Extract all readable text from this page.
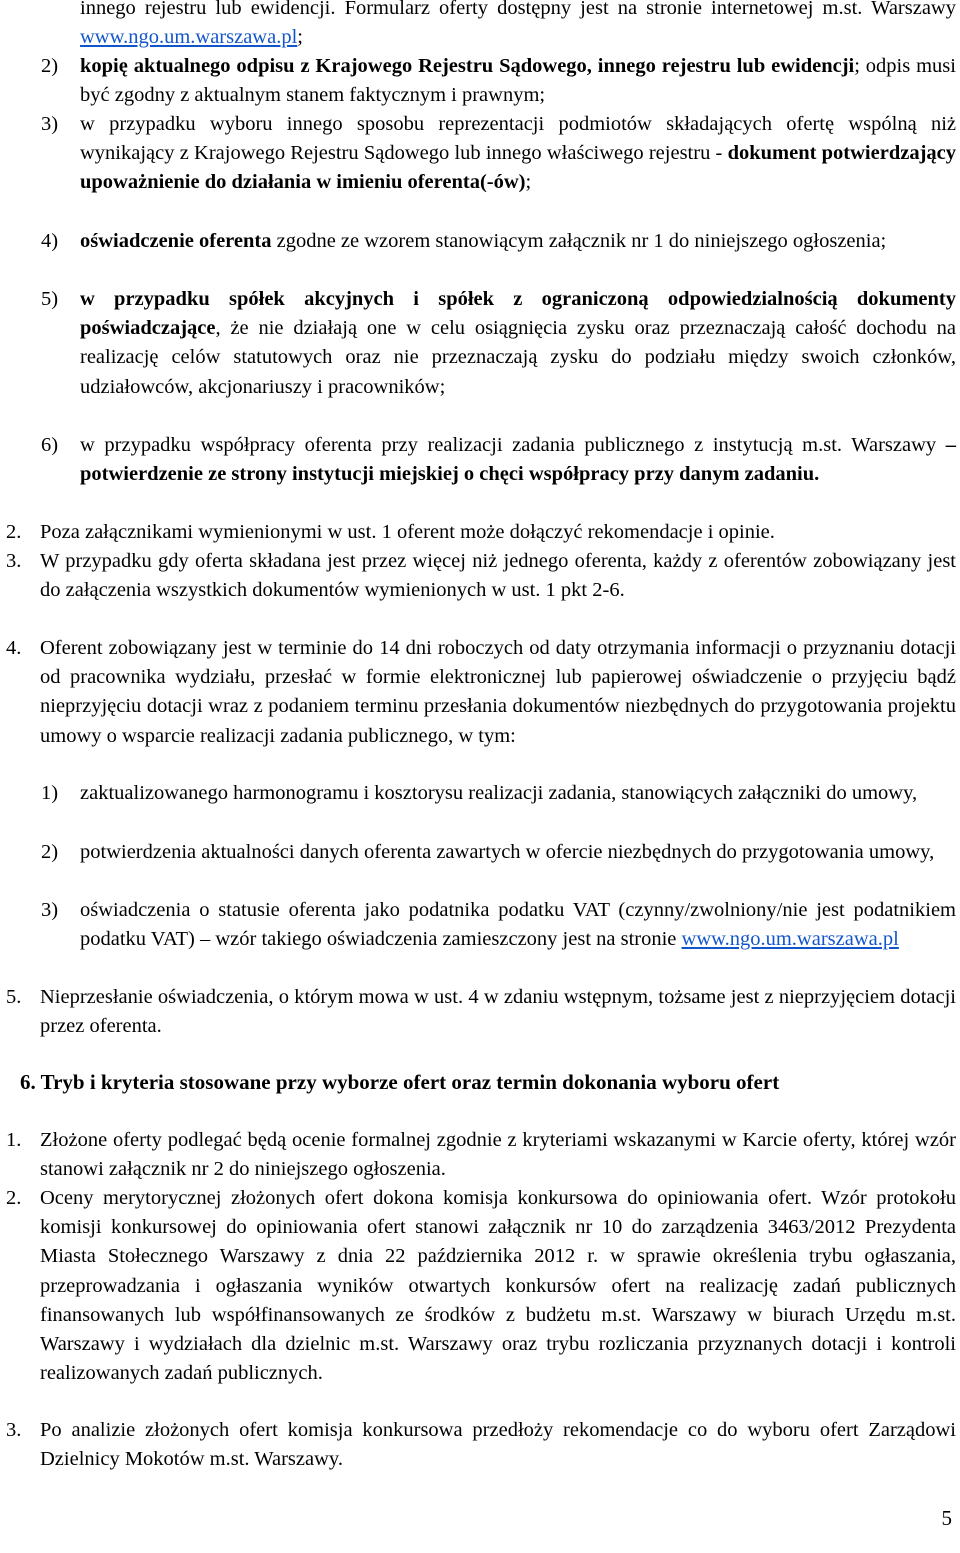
innego rejestru lub ewidencji. Formularz oferty dostępny jest na stronie internetowej m.st. Warszawy www.ngo.um.warszawa.pl;
2)	kopię aktualnego odpisu z Krajowego Rejestru Sądowego, innego rejestru lub ewidencji; odpis musi być zgodny z aktualnym stanem faktycznym i prawnym;
3)	w przypadku wyboru innego sposobu reprezentacji podmiotów składających ofertę wspólną niż wynikający z Krajowego Rejestru Sądowego lub innego właściwego rejestru - dokument potwierdzający upoważnienie do działania w imieniu oferenta(-ów);
4)	oświadczenie oferenta zgodne ze wzorem stanowiącym załącznik nr 1 do niniejszego ogłoszenia;
5)	w przypadku spółek akcyjnych i spółek z ograniczoną odpowiedzialnością dokumenty poświadczające, że nie działają one w celu osiągnięcia zysku oraz przeznaczają całość dochodu na realizację celów statutowych oraz nie przeznaczają zysku do podziału między swoich członków, udziałowców, akcjonariuszy i pracowników;
6)	w przypadku współpracy oferenta przy realizacji zadania publicznego z instytucją m.st. Warszawy – potwierdzenie ze strony instytucji miejskiej o chęci współpracy przy danym zadaniu.
2. Poza załącznikami wymienionymi w ust. 1 oferent może dołączyć rekomendacje i opinie.
3. W przypadku gdy oferta składana jest przez więcej niż jednego oferenta, każdy z oferentów zobowiązany jest do załączenia wszystkich dokumentów wymienionych w ust. 1 pkt 2-6.
4. Oferent zobowiązany jest w terminie do 14 dni roboczych od daty otrzymania informacji o przyznaniu dotacji od pracownika wydziału, przesłać w formie elektronicznej lub papierowej oświadczenie o przyjęciu bądź nieprzyjęciu dotacji wraz z podaniem terminu przesłania dokumentów niezbędnych do przygotowania projektu umowy o wsparcie realizacji zadania publicznego, w tym:
1)	zaktualizowanego harmonogramu i kosztorysu realizacji zadania, stanowiących załączniki do umowy,
2)	potwierdzenia aktualności danych oferenta zawartych w ofercie niezbędnych do przygotowania umowy,
3)	oświadczenia o statusie oferenta jako podatnika podatku VAT (czynny/zwolniony/nie jest podatnikiem podatku VAT) – wzór takiego oświadczenia zamieszczony jest na stronie www.ngo.um.warszawa.pl
5. Nieprzesłanie oświadczenia, o którym mowa w ust. 4 w zdaniu wstępnym, tożsame jest z nieprzyjęciem dotacji przez oferenta.
6. Tryb i kryteria stosowane przy wyborze ofert oraz termin dokonania wyboru ofert
1. Złożone oferty podlegać będą ocenie formalnej zgodnie z kryteriami wskazanymi w Karcie oferty, której wzór stanowi załącznik nr 2 do niniejszego ogłoszenia.
2. Oceny merytorycznej złożonych ofert dokona komisja konkursowa do opiniowania ofert. Wzór protokołu komisji konkursowej do opiniowania ofert stanowi załącznik nr 10 do zarządzenia 3463/2012 Prezydenta Miasta Stołecznego Warszawy z dnia 22 października 2012 r. w sprawie określenia trybu ogłaszania, przeprowadzania i ogłaszania wyników otwartych konkursów ofert na realizację zadań publicznych finansowanych lub współfinansowanych ze środków z budżetu m.st. Warszawy w biurach Urzędu m.st. Warszawy i wydziałach dla dzielnic m.st. Warszawy oraz trybu rozliczania przyznanych dotacji i kontroli realizowanych zadań publicznych.
3. Po analizie złożonych ofert komisja konkursowa przedłoży rekomendacje co do wyboru ofert Zarządowi Dzielnicy Mokotów m.st. Warszawy.
5
